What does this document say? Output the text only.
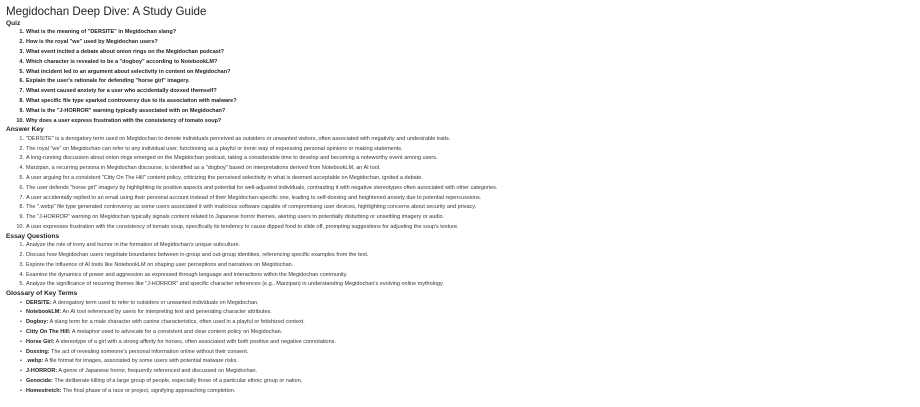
Megidochan Deep Dive: A Study Guide
Quiz
1. What is the meaning of "DERSITE" in Megidochan slang?
2. How is the royal "we" used by Megidochan users?
3. What event incited a debate about onion rings on the Megidochan podcast?
4. Which character is revealed to be a "dogboy" according to NotebookLM?
5. What incident led to an argument about selectivity in content on Megidochan?
6. Explain the user's rationale for defending "horse girl" imagery.
7. What event caused anxiety for a user who accidentally doxxed themself?
8. What specific file type sparked controversy due to its association with malware?
9. What is the "J-HORROR" warning typically associated with on Megidochan?
10. Why does a user express frustration with the consistency of tomato soup?
Answer Key
1. "DERSITE" is a derogatory term used on Megidochan to denote individuals perceived as outsiders or unwanted visitors, often associated with negativity and undesirable traits.
2. The royal "we" on Megidochan can refer to any individual user, functioning as a playful or ironic way of expressing personal opinions or making statements.
3. A long-running discussion about onion rings emerged on the Megidochan podcast, taking a considerable time to develop and becoming a noteworthy event among users.
4. Marzipan, a recurring persona in Megidochan discourse, is identified as a "dogboy" based on interpretations derived from NotebookLM, an AI tool.
5. A user arguing for a consistent "Citty On The Hill" content policy, criticizing the perceived selectivity in what is deemed acceptable on Megidochan, ignited a debate.
6. The user defends "horse girl" imagery by highlighting its positive aspects and potential for well-adjusted individuals, contrasting it with negative stereotypes often associated with other categories.
7. A user accidentally replied to an email using their personal account instead of their Megidochan-specific one, leading to self-doxxing and heightened anxiety due to potential repercussions.
8. The ".webp" file type generated controversy as some users associated it with malicious software capable of compromising user devices, highlighting concerns about security and privacy.
9. The "J-HORROR" warning on Megidochan typically signals content related to Japanese horror themes, alerting users to potentially disturbing or unsettling imagery or audio.
10. A user expresses frustration with the consistency of tomato soup, specifically its tendency to cause dipped food to slide off, prompting suggestions for adjusting the soup's texture.
Essay Questions
1. Analyze the role of irony and humor in the formation of Megidochan's unique subculture.
2. Discuss how Megidochan users negotiate boundaries between in-group and out-group identities, referencing specific examples from the text.
3. Explore the influence of AI tools like NotebookLM on shaping user perceptions and narratives on Megidochan.
4. Examine the dynamics of power and aggression as expressed through language and interactions within the Megidochan community.
5. Analyze the significance of recurring themes like "J-HORROR" and specific character references (e.g., Marzipan) in understanding Megidochan's evolving online mythology.
Glossary of Key Terms
• DERSITE: A derogatory term used to refer to outsiders or unwanted individuals on Megidochan.
• NotebookLM: An AI tool referenced by users for interpreting text and generating character attributes.
• Dogboy: A slang term for a male character with canine characteristics, often used in a playful or fetishized context.
• Citty On The Hill: A metaphor used to advocate for a consistent and clear content policy on Megidochan.
• Horse Girl: A stereotype of a girl with a strong affinity for horses, often associated with both positive and negative connotations.
• Doxxing: The act of revealing someone's personal information online without their consent.
• .webp: A file format for images, associated by some users with potential malware risks.
• J-HORROR: A genre of Japanese horror, frequently referenced and discussed on Megidochan.
• Genocide: The deliberate killing of a large group of people, especially those of a particular ethnic group or nation.
• Homestretch: The final phase of a race or project, signifying approaching completion.
